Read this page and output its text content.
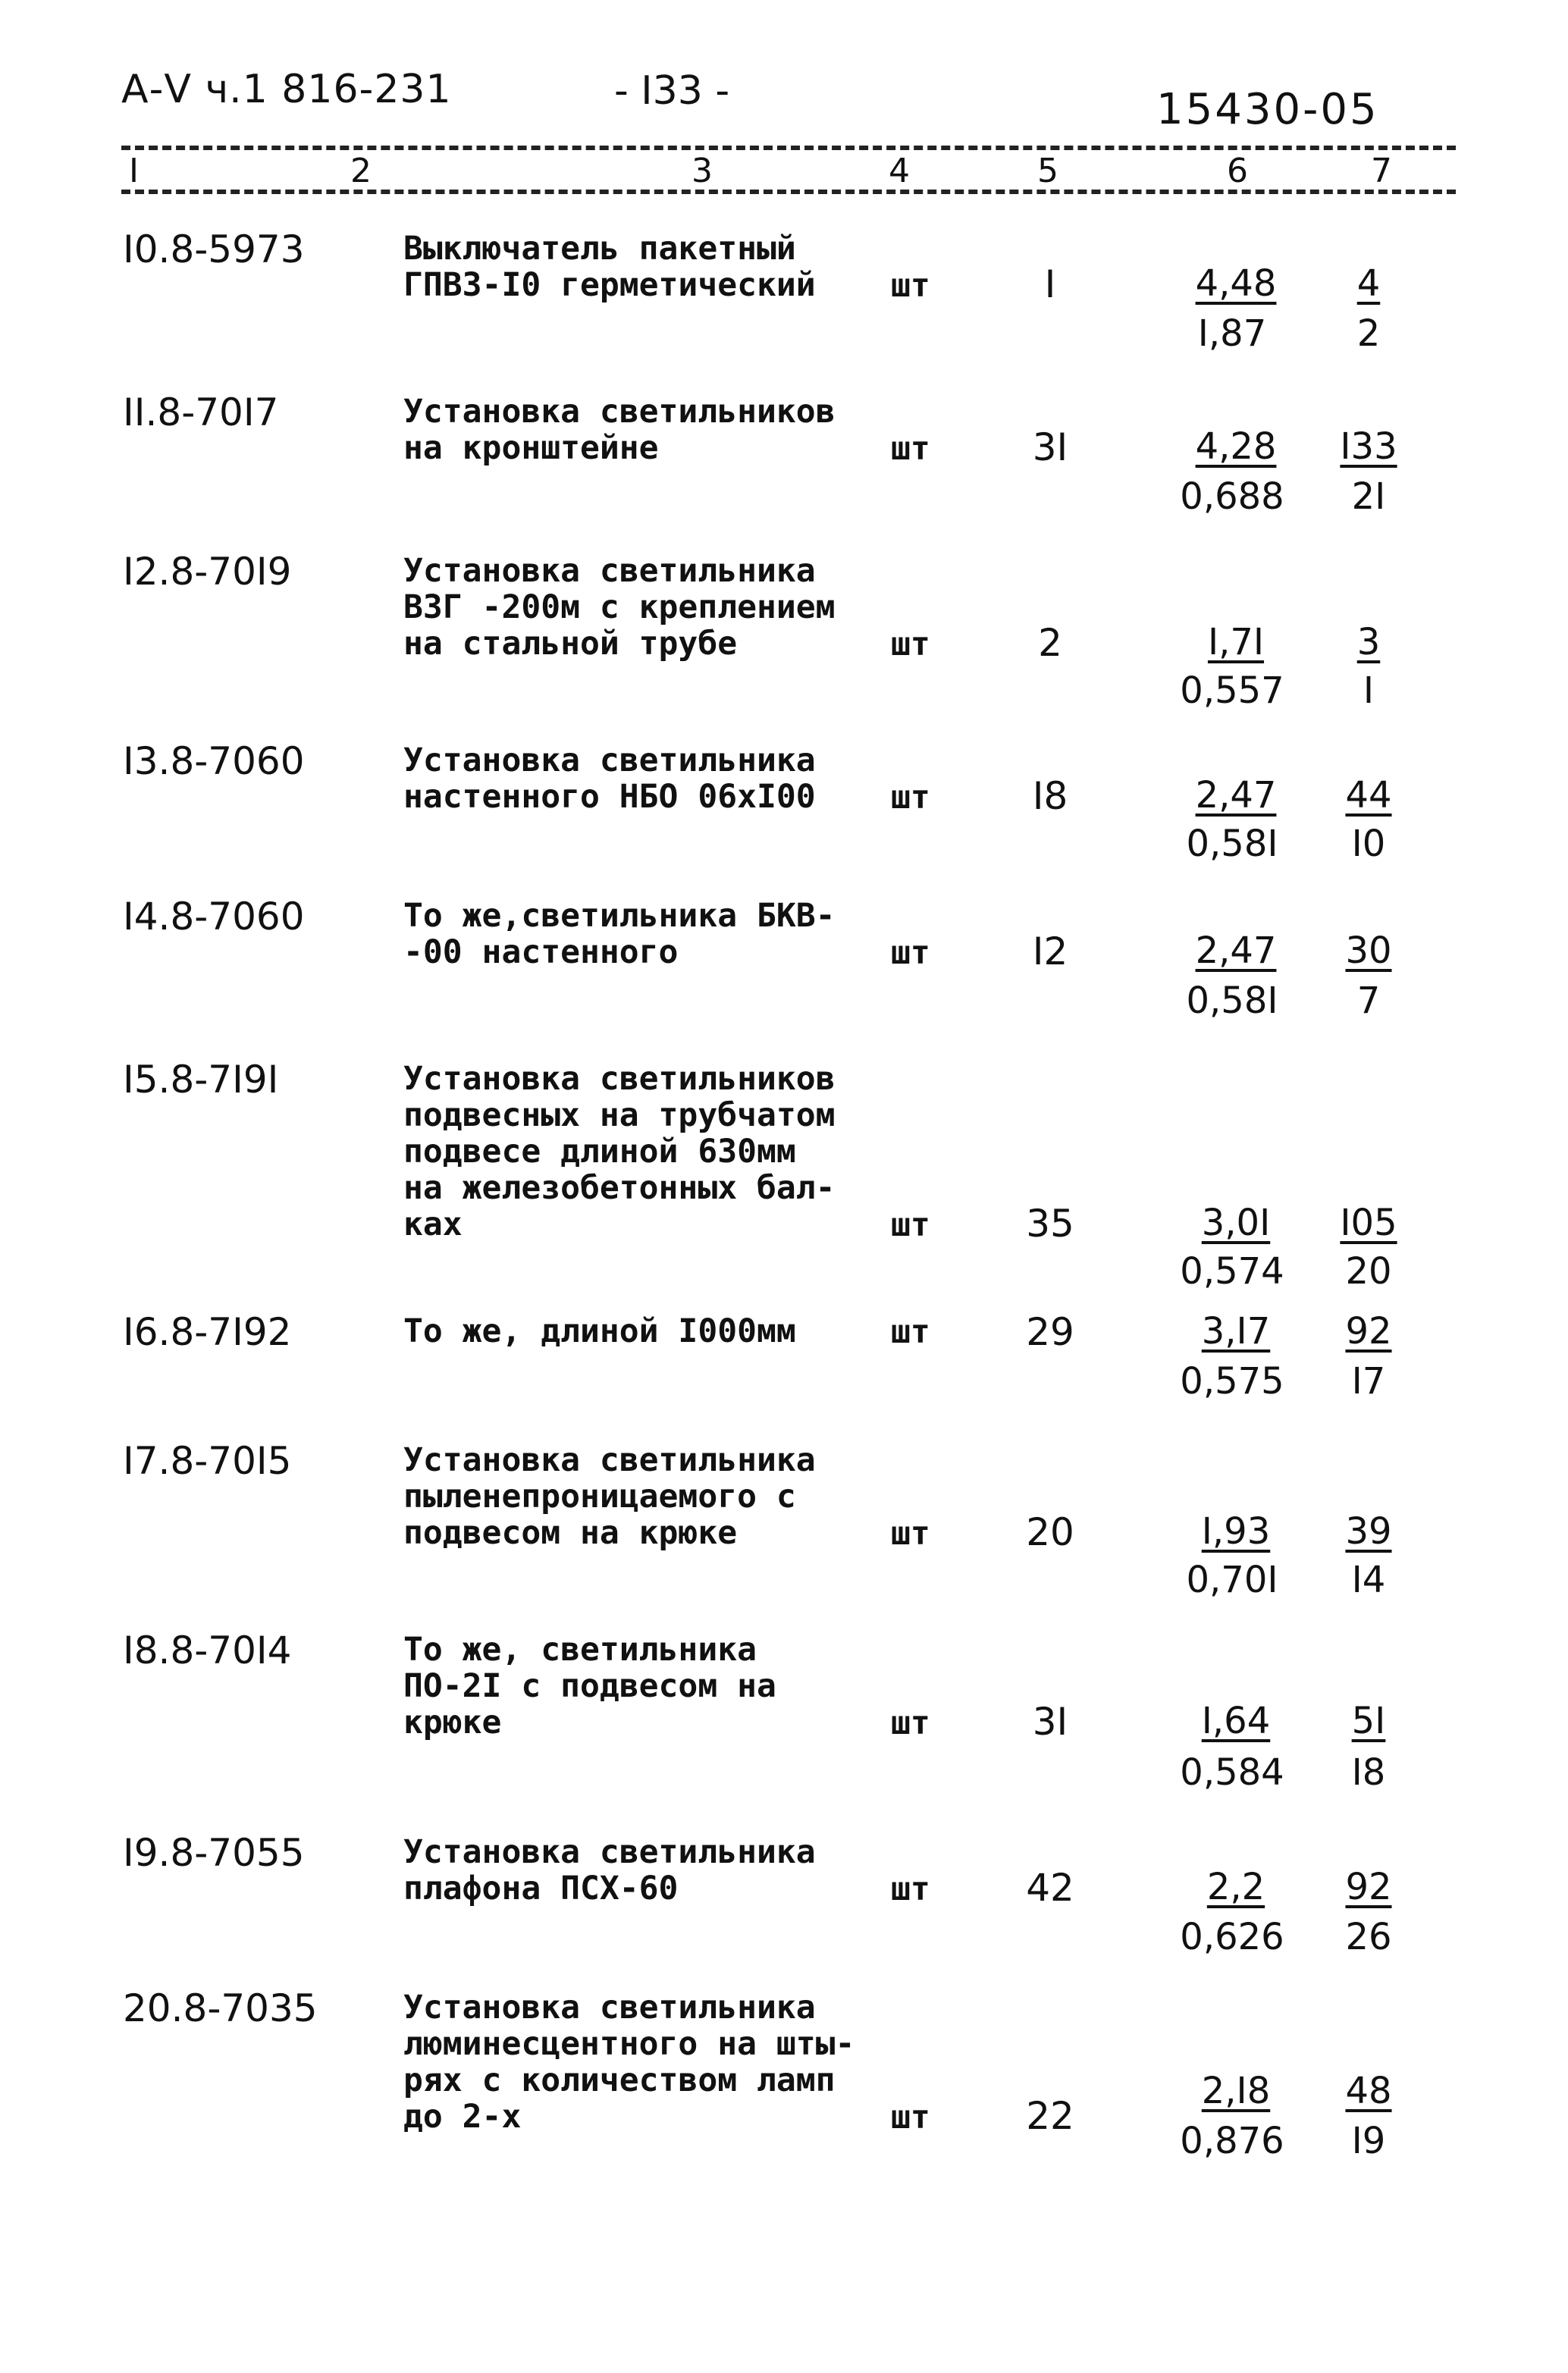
А-V ч.1 816-231	- I33 -	15430-05
I	2	3	4	5	6	7
I0.8-5973	Выключатель пакетный
ГПВЗ-I0 герметический шт	I	4,48	4
I,87	2
II.8-70I7	Установка светильников
на кронштейне	шт	3I	4,28	I33
0,688	2I
I2.8-70I9	Установка светильника
ВЗГ -200м с креплением
на стальной трубе	шт	2	I,7I	3
0,557	I
I3.8-7060	Установка светильника
настенного НБО 06хI00 шт	I8	2,47	44
0,58I	I0
I4.8-7060	То же,светильника БКВ-
-00 настенного	шт	I2	2,47	30
0,58I	7
I5.8-7I9I	Установка светильников
подвесных на трубчатом
подвесе длиной 630мм
на железобетонных бал-
ках	шт	35	3,0I	I05
0,574	20
I6.8-7I92	То же, длиной I000мм	шт	29	3,I7	92
0,575	I7
I7.8-70I5	Установка светильника
пыленепроницаемого с
подвесом на крюке	шт	20	I,93	39
0,70I	I4
I8.8-70I4	То же, светильника
ПО-2I с подвесом на
крюке	шт	3I	I,64	5I
0,584	I8
I9.8-7055	Установка светильника
плафона ПСХ-60	шт	42	2,2	92
0,626	26
20.8-7035	Установка светильника
люминесцентного на шты-
рях с количеством ламп
до 2-х	шт	22
2,I8	48
0,876	I9
